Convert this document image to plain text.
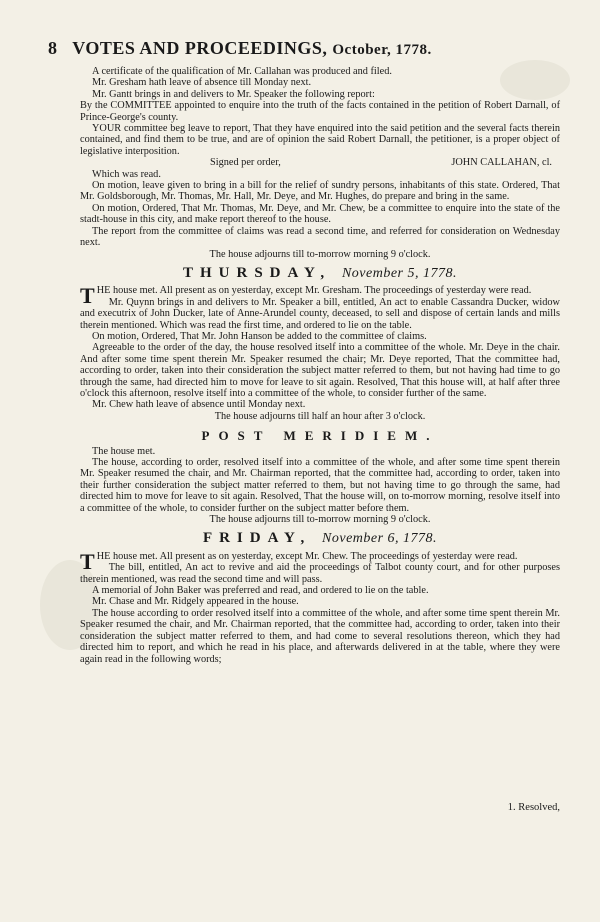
8 VOTES AND PROCEEDINGS, October, 1778.

A certificate of the qualification of Mr. Callahan was produced and filed.

Mr. Gresham hath leave of absence till Monday next.

Mr. Gantt brings in and delivers to Mr. Speaker the following report:

By the COMMITTEE appointed to enquire into the truth of the facts contained in the petition of Robert Darnall, of Prince-George's county.

YOUR committee beg leave to report, That they have enquired into the said petition and the several facts therein contained, and find them to be true, and are of opinion the said Robert Darnall, the petitioner, is a proper object of legislative interposition.

Signed per order,	JOHN CALLAHAN, cl.

Which was read.

On motion, leave given to bring in a bill for the relief of sundry persons, inhabitants of this state. Ordered, That Mr. Goldsborough, Mr. Thomas, Mr. Hall, Mr. Deye, and Mr. Hughes, do prepare and bring in the same.

On motion, Ordered, That Mr. Thomas, Mr. Deye, and Mr. Chew, be a committee to enquire into the state of the stadt-house in this city, and make report thereof to the house.

The report from the committee of claims was read a second time, and referred for consideration on Wednesday next.

The house adjourns till to-morrow morning 9 o'clock.

THURSDAY, November 5, 1778.

THE house met. All present as on yesterday, except Mr. Gresham. The proceedings of yesterday were read.

Mr. Quynn brings in and delivers to Mr. Speaker a bill, entitled, An act to enable Cassandra Ducker, widow and executrix of John Ducker, late of Anne-Arundel county, deceased, to sell and dispose of certain lands and mills therein mentioned. Which was read the first time, and ordered to lie on the table.

On motion, Ordered, That Mr. John Hanson be added to the committee of claims.

Agreeable to the order of the day, the house resolved itself into a committee of the whole. Mr. Deye in the chair. And after some time spent therein Mr. Speaker resumed the chair; Mr. Deye reported, That the committee had, according to order, taken into their consideration the subject matter referred to them, but not having had time to go through the same, had directed him to move for leave to sit again. Resolved, That this house will, at half after three o'clock this afternoon, resolve itself into a committee of the whole, to consider further of the same.

Mr. Chew hath leave of absence until Monday next.

The house adjourns till half an hour after 3 o'clock.

POST MERIDIEM.

The house met.

The house, according to order, resolved itself into a committee of the whole, and after some time spent therein Mr. Speaker resumed the chair, and Mr. Chairman reported, that the committee had, according to order, taken into their further consideration the subject matter referred to them, but not having time to go through the same, had directed him to move for leave to sit again. Resolved, That the house will, on to-morrow morning, resolve itself into a committee of the whole, to consider further on the subject matter before them.

The house adjourns till to-morrow morning 9 o'clock.

FRIDAY, November 6, 1778.

THE house met. All present as on yesterday, except Mr. Chew. The proceedings of yesterday were read.

The bill, entitled, An act to revive and aid the proceedings of Talbot county court, and for other purposes therein mentioned, was read the second time and will pass.

A memorial of John Baker was preferred and read, and ordered to lie on the table.

Mr. Chase and Mr. Ridgely appeared in the house.

The house according to order resolved itself into a committee of the whole, and after some time spent therein Mr. Speaker resumed the chair, and Mr. Chairman reported, that the committee had, according to order, taken into their consideration the subject matter referred to them, and had come to several resolutions thereon, which they had directed him to report, and which he read in his place, and afterwards delivered in at the table, where they were again read in the following words;

1. Resolved,
